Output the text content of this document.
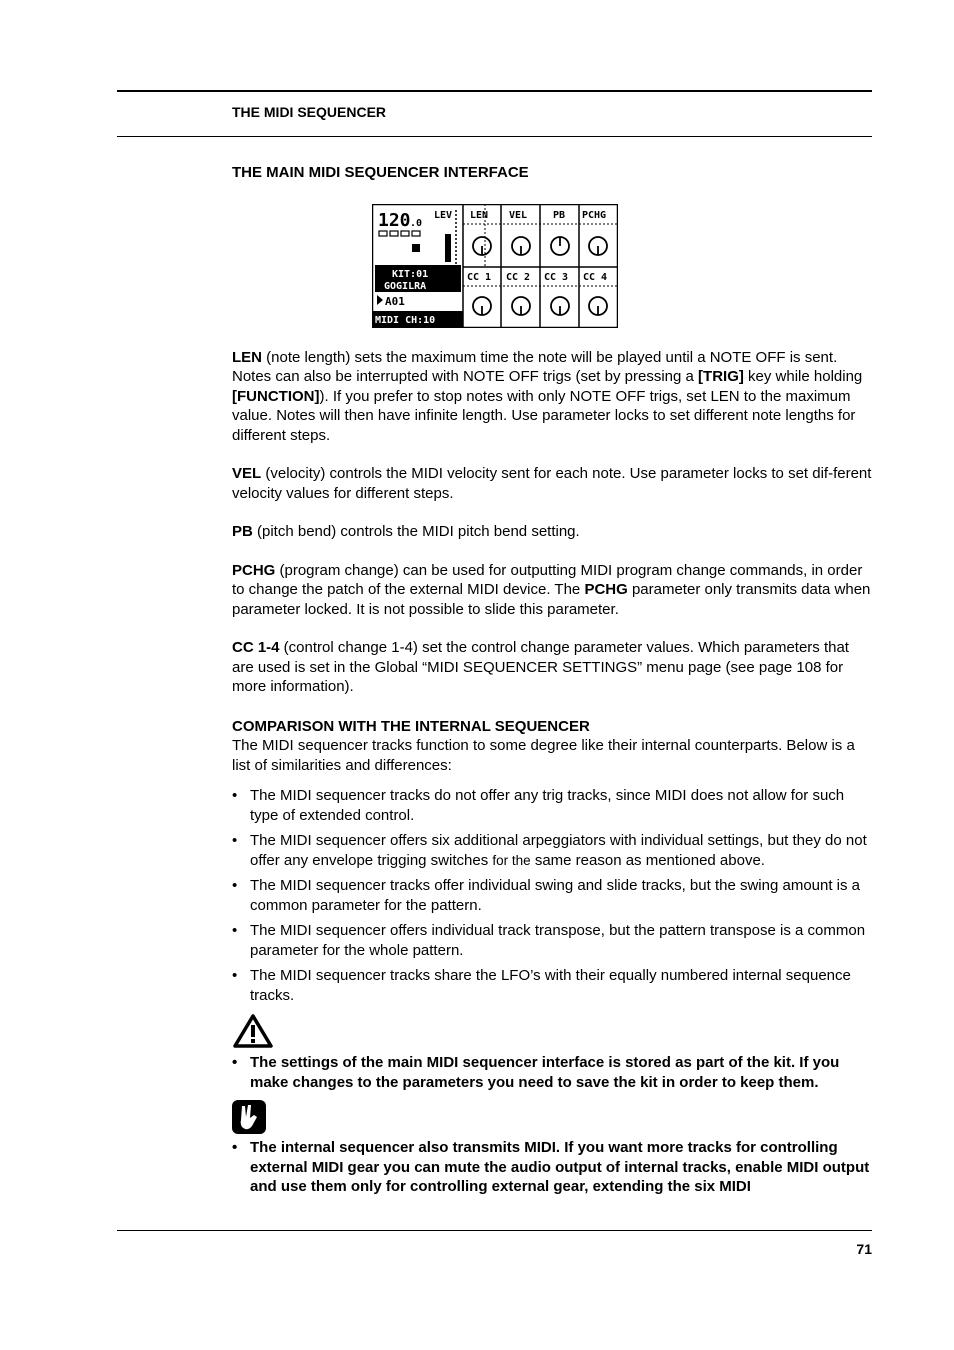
THE MIDI SEQUENCER
THE MAIN MIDI SEQUENCER INTERFACE
120 .0
LEV LEN VEL	PB PCHG
CC 1 CC 2 CC 3 CC 4
KIT:01
GOGILRA
A01
MIDI CH:10

LEN (note length) sets the maximum time the note will be played until a NOTE OFF is sent. Notes can also be interrupted with NOTE OFF trigs (set by pressing a [TRIG] key while holding [FUNCTION]). If you prefer to stop notes with only NOTE OFF trigs, set LEN to the maximum value. Notes will then have infinite length. Use parameter locks to set different note lengths for different steps.

VEL (velocity) controls the MIDI velocity sent for each note. Use parameter locks to set dif-ferent velocity values for different steps.

PB (pitch bend) controls the MIDI pitch bend setting.

PCHG (program change) can be used for outputting MIDI program change commands, in order to change the patch of the external MIDI device. The PCHG parameter only transmits data when parameter locked. It is not possible to slide this parameter.

CC 1-4 (control change 1-4) set the control change parameter values. Which parameters that are used is set in the Global “MIDI SEQUENCER SETTINGS” menu page (see page 108 for more information).

COMPARISON WITH THE INTERNAL SEQUENCER

The MIDI sequencer tracks function to some degree like their internal counterparts. Below is a list of similarities and differences:

• The MIDI sequencer tracks do not offer any trig tracks, since MIDI does not allow for such type of extended control.
• The MIDI sequencer offers six additional arpeggiators with individual settings, but they do not offer any envelope trigging switches for the same reason as mentioned above.
• The MIDI sequencer tracks offer individual swing and slide tracks, but the swing amount is a common parameter for the pattern.
• The MIDI sequencer offers individual track transpose, but the pattern transpose is a common parameter for the whole pattern.
• The MIDI sequencer tracks share the LFO’s with their equally numbered internal sequence tracks.
• The settings of the main MIDI sequencer interface is stored as part of the kit. If you make changes to the parameters you need to save the kit in order to keep them.
• The internal sequencer also transmits MIDI. If you want more tracks for controlling external MIDI gear you can mute the audio output of internal tracks, enable MIDI output and use them only for controlling external gear, extending the six MIDI
71
